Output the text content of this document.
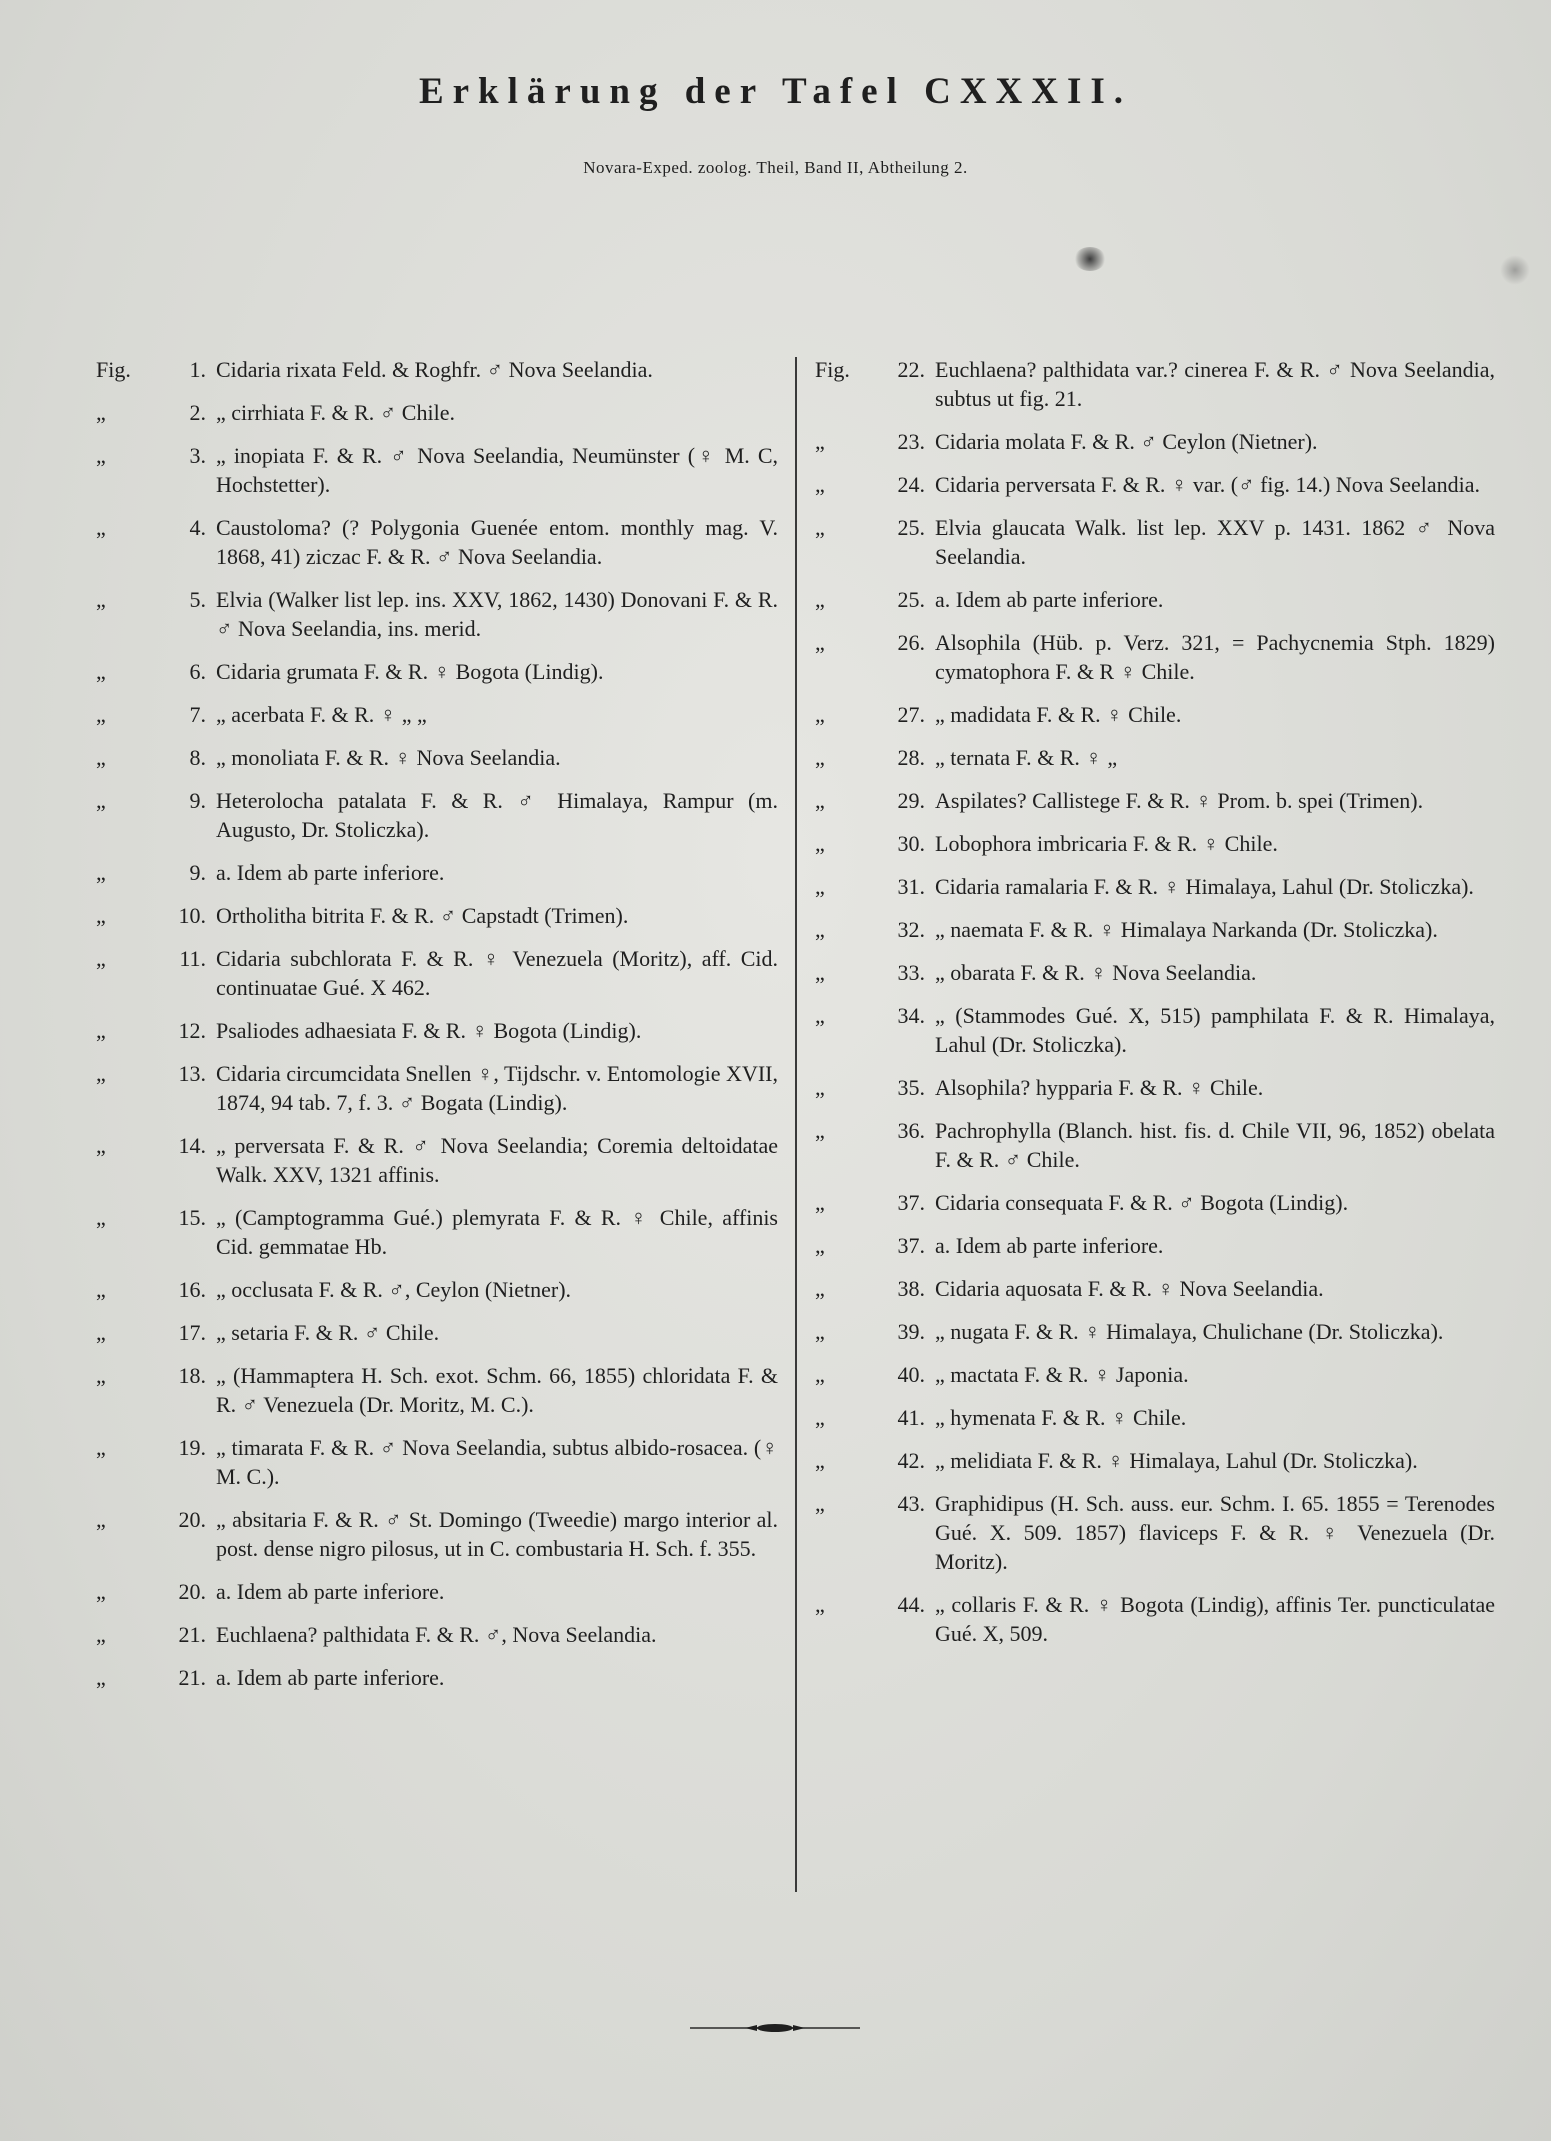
Erklärung der Tafel CXXXII.
Novara-Exped. zoolog. Theil, Band II, Abtheilung 2.
Fig.	1. Cidaria rixata Feld. & Roghfr. ♂ Nova Seelandia.
„	2. „ cirrhiata F. & R. ♂ Chile.
„	3. „ inopiata F. & R. ♂ Nova Seelandia, Neumünster (♀ M. C, Hochstetter).
„	4. Caustoloma? (? Polygonia Guenée entom. monthly mag. V. 1868, 41) ziczac F. & R. ♂ Nova Seelandia.
„	5. Elvia (Walker list lep. ins. XXV, 1862, 1430) Donovani F. & R. ♂ Nova Seelandia, ins. merid.
„	6. Cidaria grumata F. & R. ♀ Bogota (Lindig).
„	7. „ acerbata F. & R. ♀ „ „
„	8. „ monoliata F. & R. ♀ Nova Seelandia.
„	9. Heterolocha patalata F. & R. ♂ Himalaya, Rampur (m. Augusto, Dr. Stoliczka).
„	9. a. Idem ab parte inferiore.
„	10. Ortholitha bitrita F. & R. ♂ Capstadt (Trimen).
„	11. Cidaria subchlorata F. & R. ♀ Venezuela (Moritz), aff. Cid. continuatae Gué. X 462.
„	12. Psaliodes adhaesiata F. & R. ♀ Bogota (Lindig).
„	13. Cidaria circumcidata Snellen ♀, Tijdschr. v. Entomologie XVII, 1874, 94 tab. 7, f. 3. ♂ Bogata (Lindig).
„	14. „ perversata F. & R. ♂ Nova Seelandia; Coremia deltoidatae Walk. XXV, 1321 affinis.
„	15. „ (Camptogramma Gué.) plemyrata F. & R. ♀ Chile, affinis Cid. gemmatae Hb.
„	16. „ occlusata F. & R. ♂, Ceylon (Nietner).
„	17. „ setaria F. & R. ♂ Chile.
„	18. „ (Hammaptera H. Sch. exot. Schm. 66, 1855) chloridata F. & R. ♂ Venezuela (Dr. Moritz, M. C.).
„	19. „ timarata F. & R. ♂ Nova Seelandia, subtus albido-rosacea. (♀ M. C.).
„	20. „ absitaria F. & R. ♂ St. Domingo (Tweedie) margo interior al. post. dense nigro pilosus, ut in C. combustaria H. Sch. f. 355.
„	20. a. Idem ab parte inferiore.
„	21. Euchlaena? palthidata F. & R. ♂, Nova Seelandia.
„	21. a. Idem ab parte inferiore.
Fig.	22. Euchlaena? palthidata var.? cinerea F. & R. ♂ Nova Seelandia, subtus ut fig. 21.
„	23. Cidaria molata F. & R. ♂ Ceylon (Nietner).
„	24. Cidaria perversata F. & R. ♀ var. (♂ fig. 14.) Nova Seelandia.
„	25. Elvia glaucata Walk. list lep. XXV p. 1431. 1862 ♂ Nova Seelandia.
„	25. a. Idem ab parte inferiore.
„	26. Alsophila (Hüb. p. Verz. 321, = Pachycnemia Stph. 1829) cymatophora F. & R ♀ Chile.
„	27. „ madidata F. & R. ♀ Chile.
„	28. „ ternata F. & R. ♀ „
„	29. Aspilates? Callistege F. & R. ♀ Prom. b. spei (Trimen).
„	30. Lobophora imbricaria F. & R. ♀ Chile.
„	31. Cidaria ramalaria F. & R. ♀ Himalaya, Lahul (Dr. Stoliczka).
„	32. „ naemata F. & R. ♀ Himalaya Narkanda (Dr. Stoliczka).
„	33. „ obarata F. & R. ♀ Nova Seelandia.
„	34. „ (Stammodes Gué. X, 515) pamphilata F. & R. Himalaya, Lahul (Dr. Stoliczka).
„	35. Alsophila? hypparia F. & R. ♀ Chile.
„	36. Pachrophylla (Blanch. hist. fis. d. Chile VII, 96, 1852) obelata F. & R. ♂ Chile.
„	37. Cidaria consequata F. & R. ♂ Bogota (Lindig).
„	37. a. Idem ab parte inferiore.
„	38. Cidaria aquosata F. & R. ♀ Nova Seelandia.
„	39. „ nugata F. & R. ♀ Himalaya, Chulichane (Dr. Stoliczka).
„	40. „ mactata F. & R. ♀ Japonia.
„	41. „ hymenata F. & R. ♀ Chile.
„	42. „ melidiata F. & R. ♀ Himalaya, Lahul (Dr. Stoliczka).
„	43. Graphidipus (H. Sch. auss. eur. Schm. I. 65. 1855 = Terenodes Gué. X. 509. 1857) flaviceps F. & R. ♀ Venezuela (Dr. Moritz).
„	44. „ collaris F. & R. ♀ Bogota (Lindig), affinis Ter. puncticulatae Gué. X, 509.
